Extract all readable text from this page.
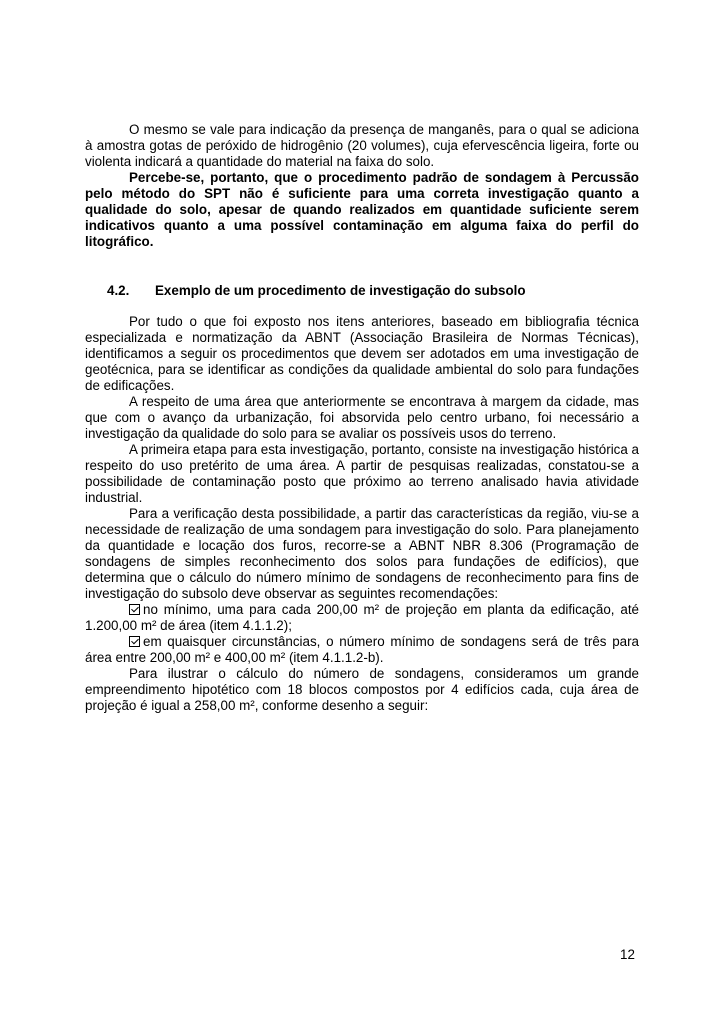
O mesmo se vale para indicação da presença de manganês, para o qual se adiciona à amostra gotas de peróxido de hidrogênio (20 volumes), cuja efervescência ligeira, forte ou violenta indicará a quantidade do material na faixa do solo.

Percebe-se, portanto, que o procedimento padrão de sondagem à Percussão pelo método do SPT não é suficiente para uma correta investigação quanto a qualidade do solo, apesar de quando realizados em quantidade suficiente serem indicativos quanto a uma possível contaminação em alguma faixa do perfil do litográfico.

4.2.	Exemplo de um procedimento de investigação do subsolo

Por tudo o que foi exposto nos itens anteriores, baseado em bibliografia técnica especializada e normatização da ABNT (Associação Brasileira de Normas Técnicas), identificamos a seguir os procedimentos que devem ser adotados em uma investigação de geotécnica, para se identificar as condições da qualidade ambiental do solo para fundações de edificações.

A respeito de uma área que anteriormente se encontrava à margem da cidade, mas que com o avanço da urbanização, foi absorvida pelo centro urbano, foi necessário a investigação da qualidade do solo para se avaliar os possíveis usos do terreno.

A primeira etapa para esta investigação, portanto, consiste na investigação histórica a respeito do uso pretérito de uma área. A partir de pesquisas realizadas, constatou-se a possibilidade de contaminação posto que próximo ao terreno analisado havia atividade industrial.

Para a verificação desta possibilidade, a partir das características da região, viu-se a necessidade de realização de uma sondagem para investigação do solo. Para planejamento da quantidade e locação dos furos, recorre-se a ABNT NBR 8.306 (Programação de sondagens de simples reconhecimento dos solos para fundações de edifícios), que determina que o cálculo do número mínimo de sondagens de reconhecimento para fins de investigação do subsolo deve observar as seguintes recomendações:

no mínimo, uma para cada 200,00 m² de projeção em planta da edificação, até 1.200,00 m² de área (item 4.1.1.2);

em quaisquer circunstâncias, o número mínimo de sondagens será de três para área entre 200,00 m² e 400,00 m² (item 4.1.1.2-b).

Para ilustrar o cálculo do número de sondagens, consideramos um grande empreendimento hipotético com 18 blocos compostos por 4 edifícios cada, cuja área de projeção é igual a 258,00 m², conforme desenho a seguir:

12
